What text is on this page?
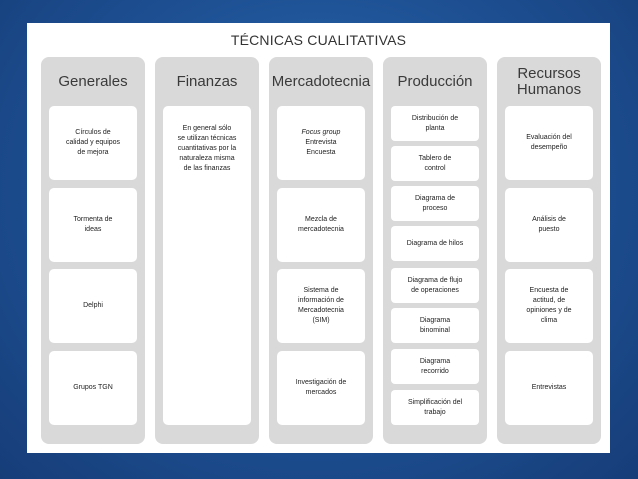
TÉCNICAS CUALITATIVAS
Generales
Círculos de
calidad y equipos
de mejora
Tormenta de
ideas
Delphi
Grupos TGN
Finanzas
En general sólo
se utilizan técnicas
cuantitativas por la
naturaleza misma
de las finanzas
Mercadotecnia
Focus group
Entrevista
Encuesta
Mezcla de
mercadotecnia
Sistema de
información de
Mercadotecnia
(SIM)
Investigación de
mercados
Producción
Distribución de
planta
Tablero de
control
Diagrama de
proceso
Diagrama de hilos
Diagrama de flujo
de operaciones
Diagrama
binominal
Diagrama
recorrido
Simplificación del
trabajo
Recursos
Humanos
Evaluación del
desempeño
Análisis de
puesto
Encuesta de
actitud, de
opiniones y de
clima
Entrevistas
